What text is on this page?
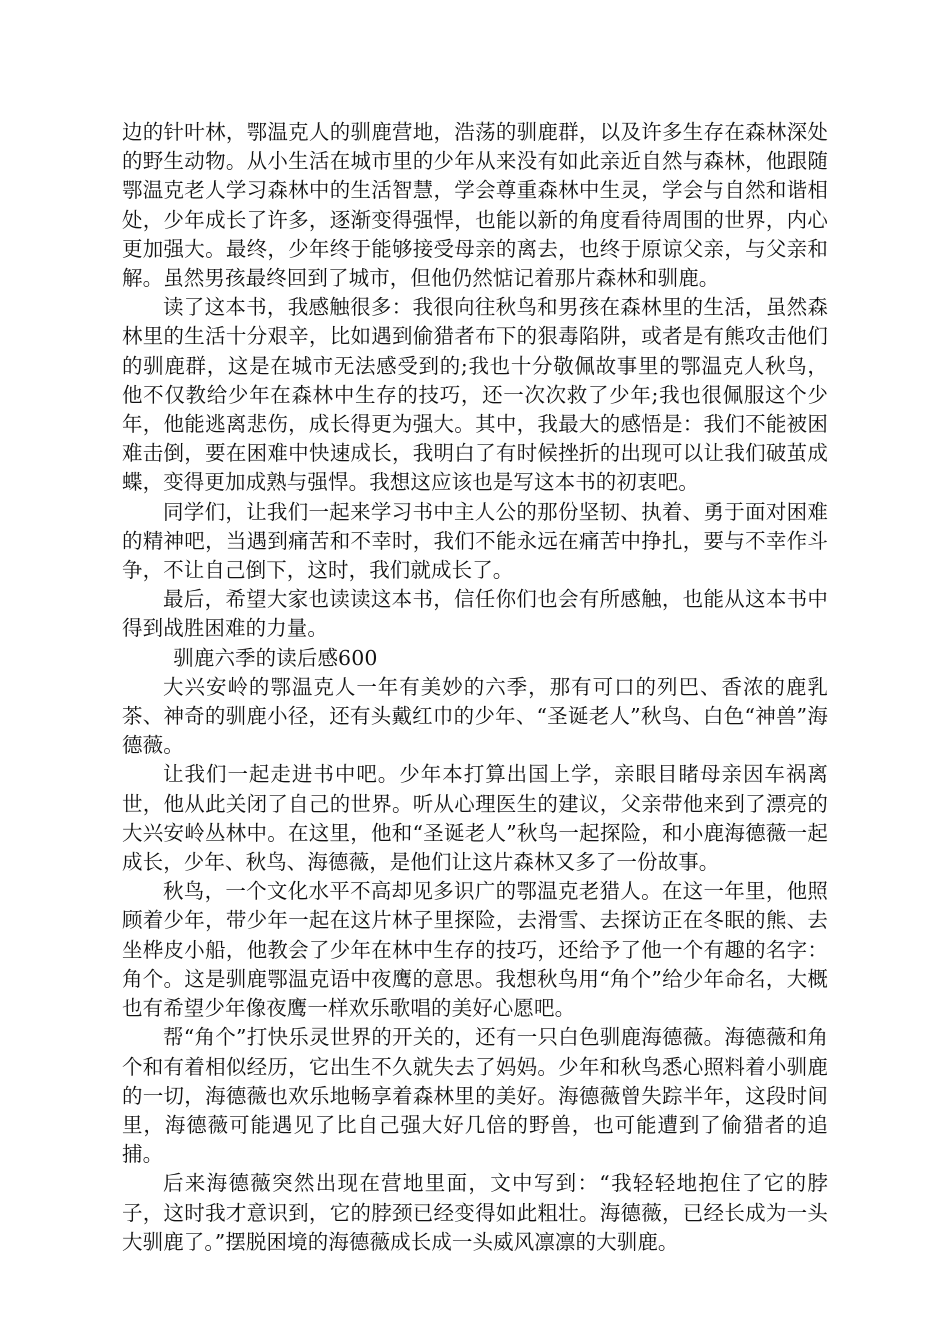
边的针叶林，鄂温克人的驯鹿营地，浩荡的驯鹿群，以及许多生存在森林深处的野生动物。从小生活在城市里的少年从来没有如此亲近自然与森林，他跟随鄂温克老人学习森林中的生活智慧，学会尊重森林中生灵，学会与自然和谐相处，少年成长了许多，逐渐变得强悍，也能以新的角度看待周围的世界，内心更加强大。最终，少年终于能够接受母亲的离去，也终于原谅父亲，与父亲和解。虽然男孩最终回到了城市，但他仍然惦记着那片森林和驯鹿。

读了这本书，我感触很多：我很向往秋鸟和男孩在森林里的生活，虽然森林里的生活十分艰辛，比如遇到偷猎者布下的狠毒陷阱，或者是有熊攻击他们的驯鹿群，这是在城市无法感受到的;我也十分敬佩故事里的鄂温克人秋鸟，他不仅教给少年在森林中生存的技巧，还一次次救了少年;我也很佩服这个少年，他能逃离悲伤，成长得更为强大。其中，我最大的感悟是：我们不能被困难击倒，要在困难中快速成长，我明白了有时候挫折的出现可以让我们破茧成蝶，变得更加成熟与强悍。我想这应该也是写这本书的初衷吧。

同学们，让我们一起来学习书中主人公的那份坚韧、执着、勇于面对困难的精神吧，当遇到痛苦和不幸时，我们不能永远在痛苦中挣扎，要与不幸作斗争，不让自己倒下，这时，我们就成长了。

最后，希望大家也读读这本书，信任你们也会有所感触，也能从这本书中得到战胜困难的力量。

驯鹿六季的读后感600

大兴安岭的鄂温克人一年有美妙的六季，那有可口的列巴、香浓的鹿乳茶、神奇的驯鹿小径，还有头戴红巾的少年、“圣诞老人”秋鸟、白色“神兽”海德薇。

让我们一起走进书中吧。少年本打算出国上学，亲眼目睹母亲因车祸离世，他从此关闭了自己的世界。听从心理医生的建议，父亲带他来到了漂亮的大兴安岭丛林中。在这里，他和“圣诞老人”秋鸟一起探险，和小鹿海德薇一起成长，少年、秋鸟、海德薇，是他们让这片森林又多了一份故事。

秋鸟，一个文化水平不高却见多识广的鄂温克老猎人。在这一年里，他照顾着少年，带少年一起在这片林子里探险，去滑雪、去探访正在冬眠的熊、去坐桦皮小船，他教会了少年在林中生存的技巧，还给予了他一个有趣的名字：角个。这是驯鹿鄂温克语中夜鹰的意思。我想秋鸟用“角个”给少年命名，大概也有希望少年像夜鹰一样欢乐歌唱的美好心愿吧。

帮“角个”打快乐灵世界的开关的，还有一只白色驯鹿海德薇。海德薇和角个和有着相似经历，它出生不久就失去了妈妈。少年和秋鸟悉心照料着小驯鹿的一切，海德薇也欢乐地畅享着森林里的美好。海德薇曾失踪半年，这段时间里，海德薇可能遇见了比自己强大好几倍的野兽，也可能遭到了偷猎者的追捕。

后来海德薇突然出现在营地里面，文中写到：“我轻轻地抱住了它的脖子，这时我才意识到，它的脖颈已经变得如此粗壮。海德薇，已经长成为一头大驯鹿了。”摆脱困境的海德薇成长成一头威风凛凛的大驯鹿。
